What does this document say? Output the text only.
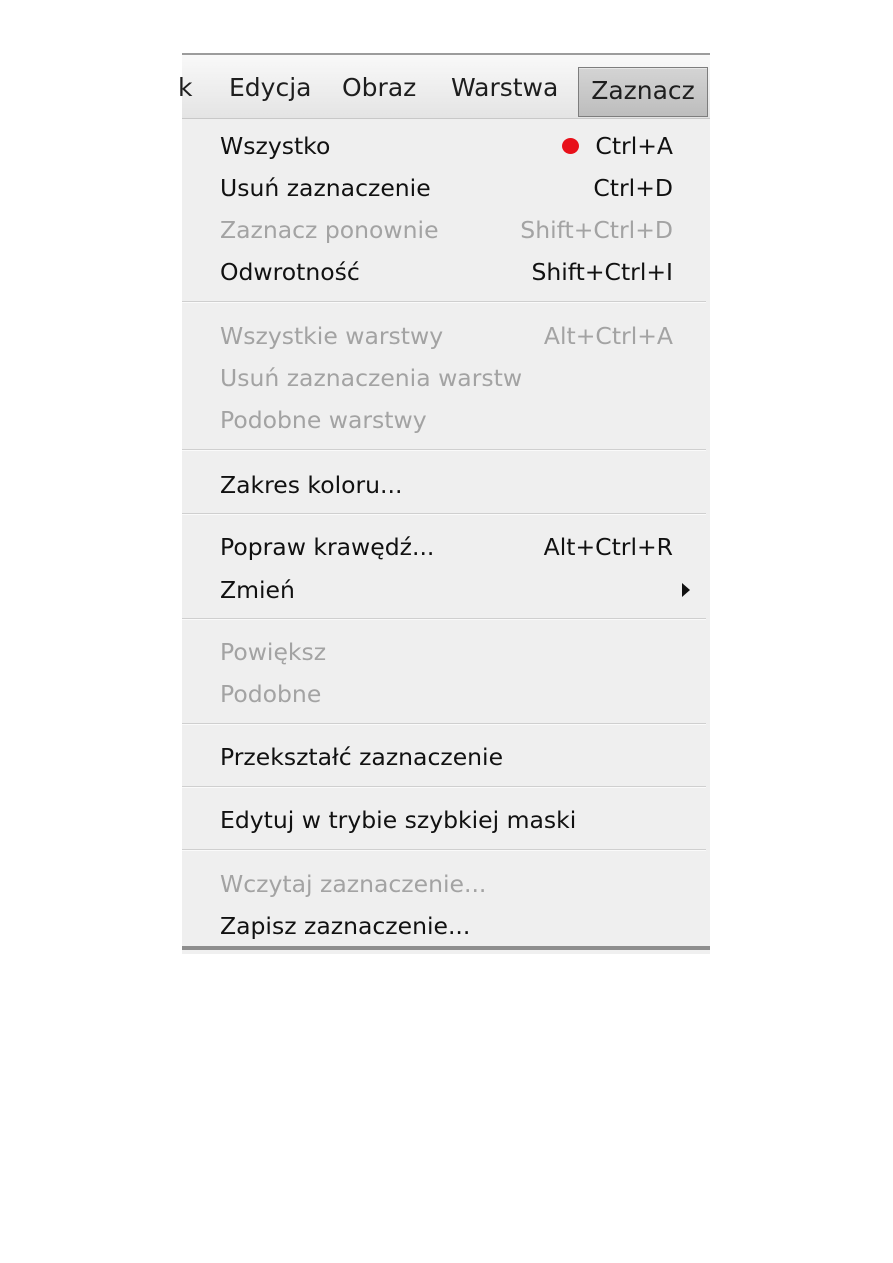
k Edycja Obraz Warstwa	Zaznacz
Wszystko	Ctrl+A
Usuń zaznaczenie	Ctrl+D
Zaznacz ponownie	Shift+Ctrl+D
Odwrotność	Shift+Ctrl+I
Wszystkie warstwy	Alt+Ctrl+A
Usuń zaznaczenia warstw
Podobne warstwy
Zakres koloru...
Popraw krawędź...	Alt+Ctrl+R
Zmień
Powiększ
Podobne
Przekształć zaznaczenie
Edytuj w trybie szybkiej maski
Wczytaj zaznaczenie...
Zapisz zaznaczenie...
